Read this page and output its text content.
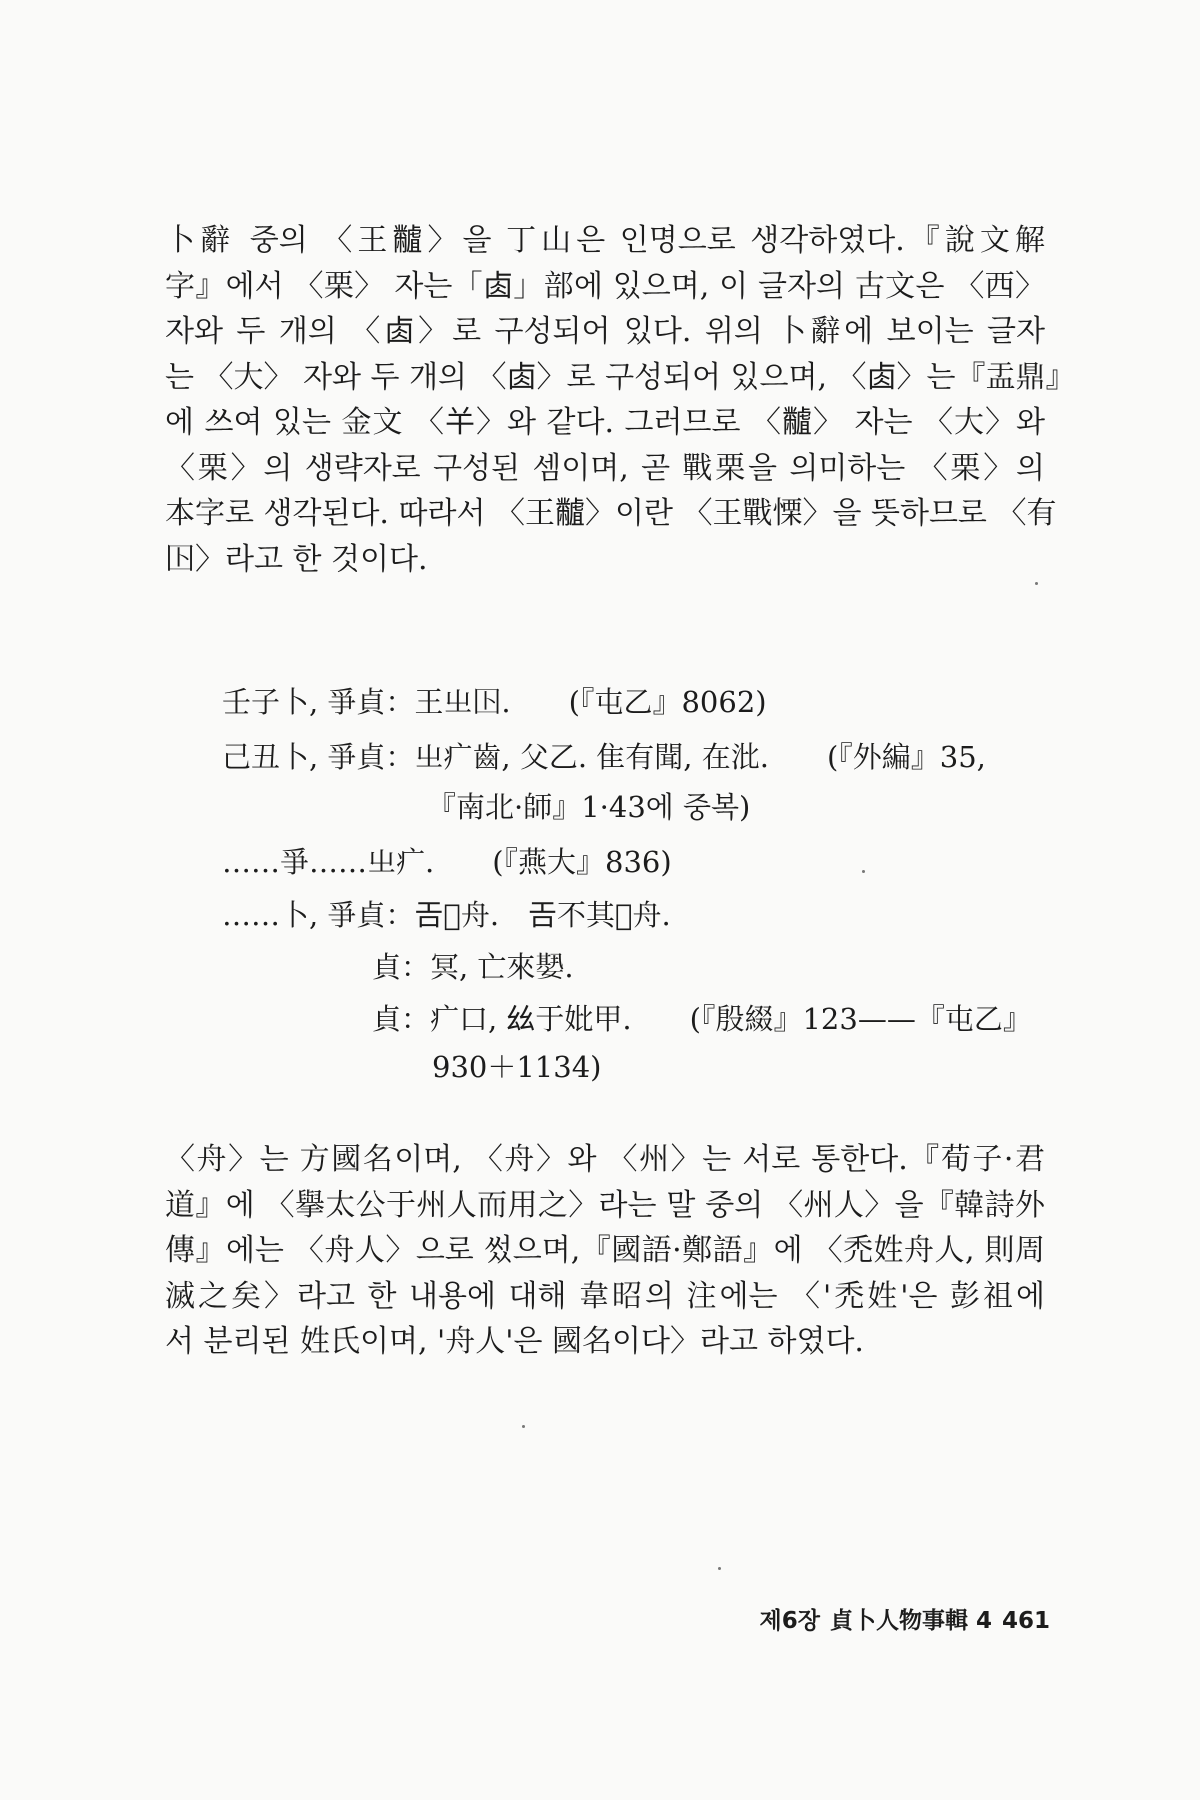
卜辭 중의 〈王𪓐〉을 丁山은 인명으로 생각하였다.『說文解
字』에서 〈栗〉 자는「𠧪」部에 있으며, 이 글자의 古文은 〈西〉
자와 두 개의 〈𠧪〉로 구성되어 있다. 위의 卜辭에 보이는 글자
는 〈大〉 자와 두 개의 〈𠧪〉로 구성되어 있으며, 〈𠧪〉는『盂鼎』
에 쓰여 있는 金文 〈𢆉〉와 같다. 그러므로 〈𪓐〉 자는 〈大〉와
〈栗〉의 생략자로 구성된 셈이며, 곧 戰栗을 의미하는 〈栗〉의
本字로 생각된다. 따라서 〈王𪓐〉이란 〈王戰慄〉을 뜻하므로 〈有
𡆥〉라고 한 것이다.
壬子卜, 爭貞：王㞢𡆥.　　(『屯乙』8062)
己丑卜, 爭貞：㞢疒齒, 父乙. 隹有聞, 在沘.　　(『外編』35,
『南北·師』1·43에 중복)
……爭……㞢疒.　　(『燕大』836)
……卜, 爭貞：𢀛𣆪舟.　𢀛不其𣆪舟.
貞：冥, 亡來𡢁.
貞：疒口, 𢆶于妣甲.　　(『殷綴』123——『屯乙』
930＋1134)
〈舟〉는 方國名이며, 〈舟〉와 〈州〉는 서로 통한다.『荀子·君
道』에 〈擧太公于州人而用之〉라는 말 중의 〈州人〉을『韓詩外
傳』에는 〈舟人〉으로 썼으며,『國語·鄭語』에 〈禿姓舟人, 則周
滅之矣〉라고 한 내용에 대해 韋昭의 注에는 〈'禿姓'은 彭祖에
서 분리된 姓氏이며, '舟人'은 國名이다〉라고 하였다.
제6장 貞卜人物事輯 4 461
